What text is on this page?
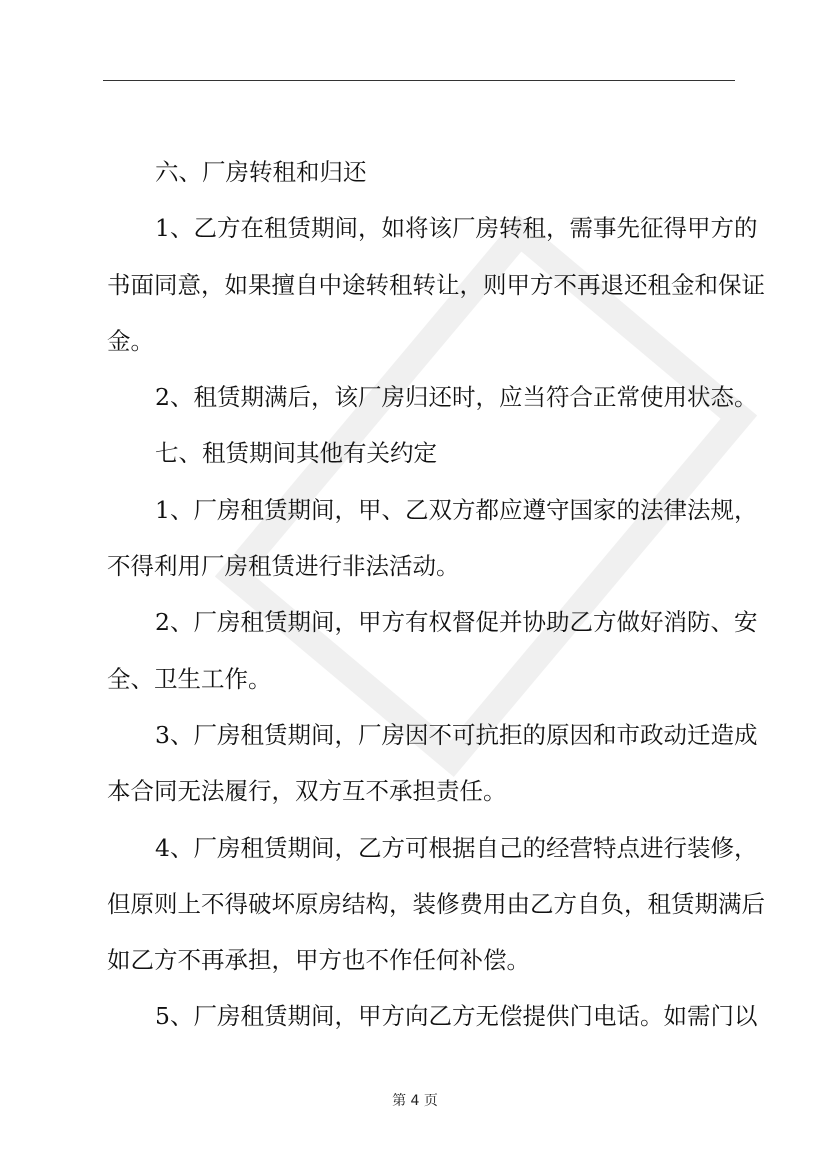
六、厂房转租和归还
1、乙方在租赁期间，如将该厂房转租，需事先征得甲方的
书面同意，如果擅自中途转租转让，则甲方不再退还租金和保证
金。
2、租赁期满后，该厂房归还时，应当符合正常使用状态。
七、租赁期间其他有关约定
1、厂房租赁期间，甲、乙双方都应遵守国家的法律法规，
不得利用厂房租赁进行非法活动。
2、厂房租赁期间，甲方有权督促并协助乙方做好消防、安
全、卫生工作。
3、厂房租赁期间，厂房因不可抗拒的原因和市政动迁造成
本合同无法履行，双方互不承担责任。
4、厂房租赁期间，乙方可根据自己的经营特点进行装修，
但原则上不得破坏原房结构，装修费用由乙方自负，租赁期满后
如乙方不再承担，甲方也不作任何补偿。
5、厂房租赁期间，甲方向乙方无偿提供门电话。如需门以
第 4 页
